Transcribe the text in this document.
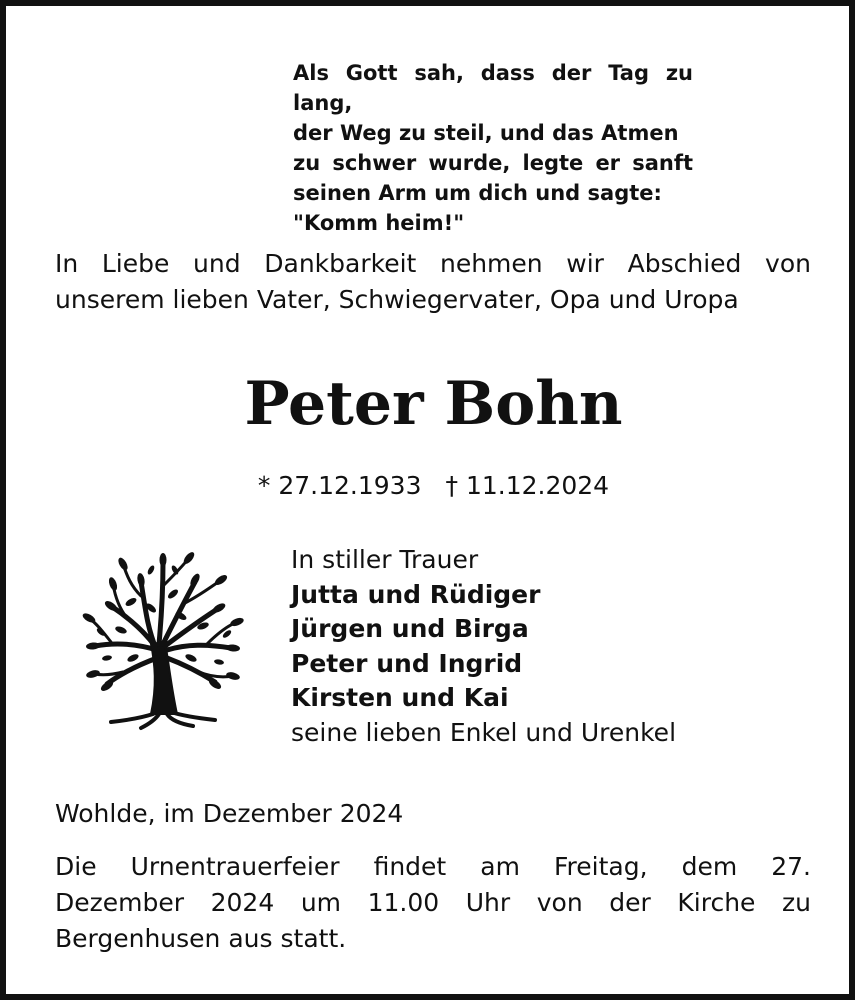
Als Gott sah, dass der Tag zu lang,
der Weg zu steil, und das Atmen
zu schwer wurde, legte er sanft
seinen Arm um dich und sagte:
"Komm heim!"
In Liebe und Dankbarkeit nehmen wir Abschied von
unserem lieben Vater, Schwiegervater, Opa und Uropa
Peter Bohn
* 27.12.1933 † 11.12.2024
In stiller Trauer
Jutta und Rüdiger
Jürgen und Birga
Peter und Ingrid
Kirsten und Kai
seine lieben Enkel und Urenkel
Wohlde, im Dezember 2024
Die Urnentrauerfeier findet am Freitag, dem 27.
Dezember 2024 um 11.00 Uhr von der Kirche zu
Bergenhusen aus statt.
